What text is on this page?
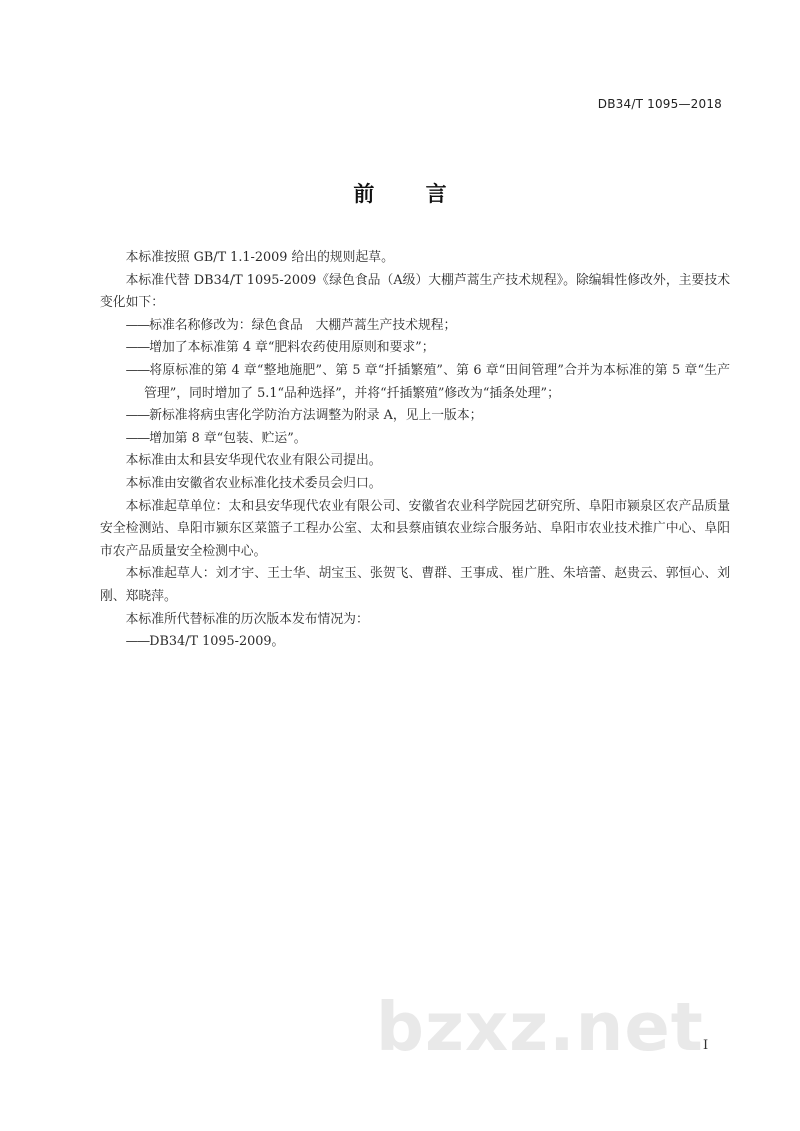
DB34/T 1095—2018
前 言

本标准按照 GB/T 1.1-2009 给出的规则起草。

本标准代替 DB34/T 1095-2009《绿色食品（A级）大棚芦蒿生产技术规程》。除编辑性修改外，主要技术变化如下：

——标准名称修改为：绿色食品　大棚芦蒿生产技术规程；

——增加了本标准第 4 章“肥料农药使用原则和要求”；

——将原标准的第 4 章“整地施肥”、第 5 章“扦插繁殖”、第 6 章“田间管理”合并为本标准的第 5 章“生产管理”，同时增加了 5.1“品种选择”，并将“扦插繁殖”修改为“插条处理”；

——新标准将病虫害化学防治方法调整为附录 A，见上一版本；

——增加第 8 章“包装、贮运”。

本标准由太和县安华现代农业有限公司提出。

本标准由安徽省农业标准化技术委员会归口。

本标准起草单位：太和县安华现代农业有限公司、安徽省农业科学院园艺研究所、阜阳市颍泉区农产品质量安全检测站、阜阳市颍东区菜篮子工程办公室、太和县蔡庙镇农业综合服务站、阜阳市农业技术推广中心、阜阳市农产品质量安全检测中心。

本标准起草人：刘才宇、王士华、胡宝玉、张贺飞、曹群、王事成、崔广胜、朱培蕾、赵贵云、郭恒心、刘刚、郑晓萍。

本标准所代替标准的历次版本发布情况为：

——DB34/T 1095-2009。

bzxz.net I
